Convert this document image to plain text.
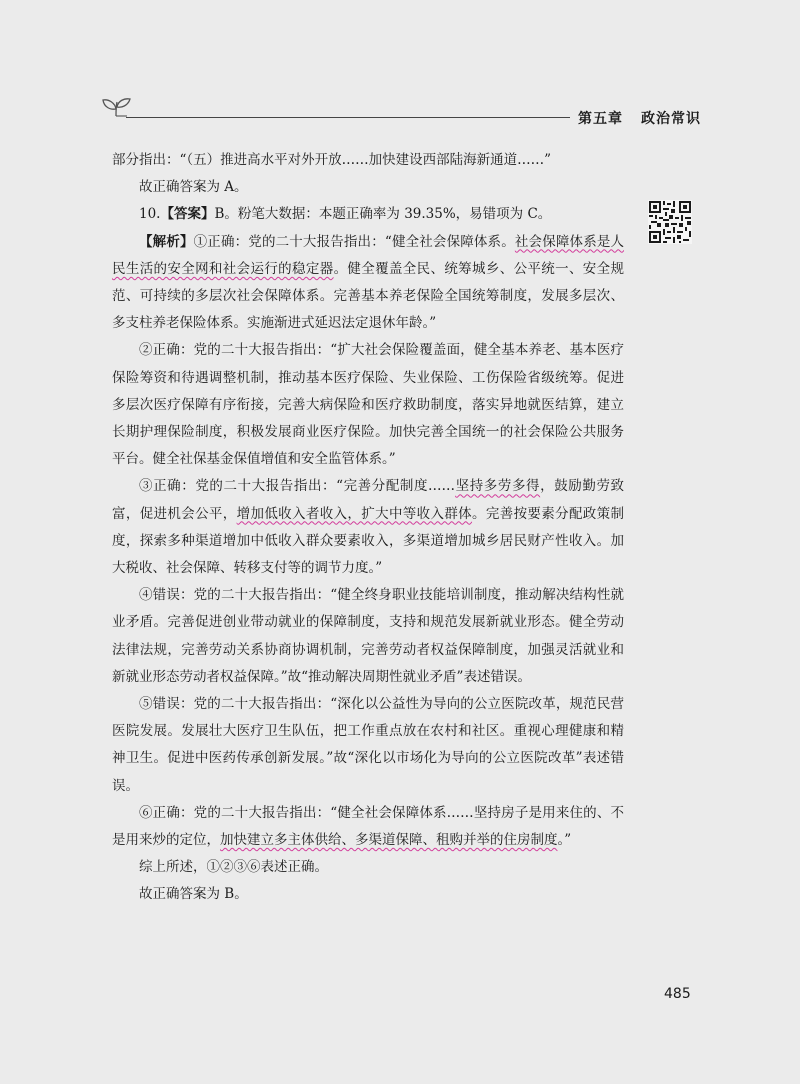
第五章 政治常识

部分指出：“（五）推进高水平对外开放……加快建设西部陆海新通道……”

故正确答案为 A。

10.【答案】B。粉笔大数据：本题正确率为 39.35%，易错项为 C。

【解析】①正确：党的二十大报告指出：“健全社会保障体系。社会保障体系是人民生活的安全网和社会运行的稳定器。健全覆盖全民、统筹城乡、公平统一、安全规范、可持续的多层次社会保障体系。完善基本养老保险全国统筹制度，发展多层次、多支柱养老保险体系。实施渐进式延迟法定退休年龄。”

②正确：党的二十大报告指出：“扩大社会保险覆盖面，健全基本养老、基本医疗保险筹资和待遇调整机制，推动基本医疗保险、失业保险、工伤保险省级统筹。促进多层次医疗保障有序衔接，完善大病保险和医疗救助制度，落实异地就医结算，建立长期护理保险制度，积极发展商业医疗保险。加快完善全国统一的社会保险公共服务平台。健全社保基金保值增值和安全监管体系。”

③正确：党的二十大报告指出：“完善分配制度……坚持多劳多得，鼓励勤劳致富，促进机会公平，增加低收入者收入，扩大中等收入群体。完善按要素分配政策制度，探索多种渠道增加中低收入群众要素收入，多渠道增加城乡居民财产性收入。加大税收、社会保障、转移支付等的调节力度。”

④错误：党的二十大报告指出：“健全终身职业技能培训制度，推动解决结构性就业矛盾。完善促进创业带动就业的保障制度，支持和规范发展新就业形态。健全劳动法律法规，完善劳动关系协商协调机制，完善劳动者权益保障制度，加强灵活就业和新就业形态劳动者权益保障。”故“推动解决周期性就业矛盾”表述错误。

⑤错误：党的二十大报告指出：“深化以公益性为导向的公立医院改革，规范民营医院发展。发展壮大医疗卫生队伍，把工作重点放在农村和社区。重视心理健康和精神卫生。促进中医药传承创新发展。”故“深化以市场化为导向的公立医院改革”表述错误。

⑥正确：党的二十大报告指出：“健全社会保障体系……坚持房子是用来住的、不是用来炒的定位，加快建立多主体供给、多渠道保障、租购并举的住房制度。”

综上所述，①②③⑥表述正确。

故正确答案为 B。

485
